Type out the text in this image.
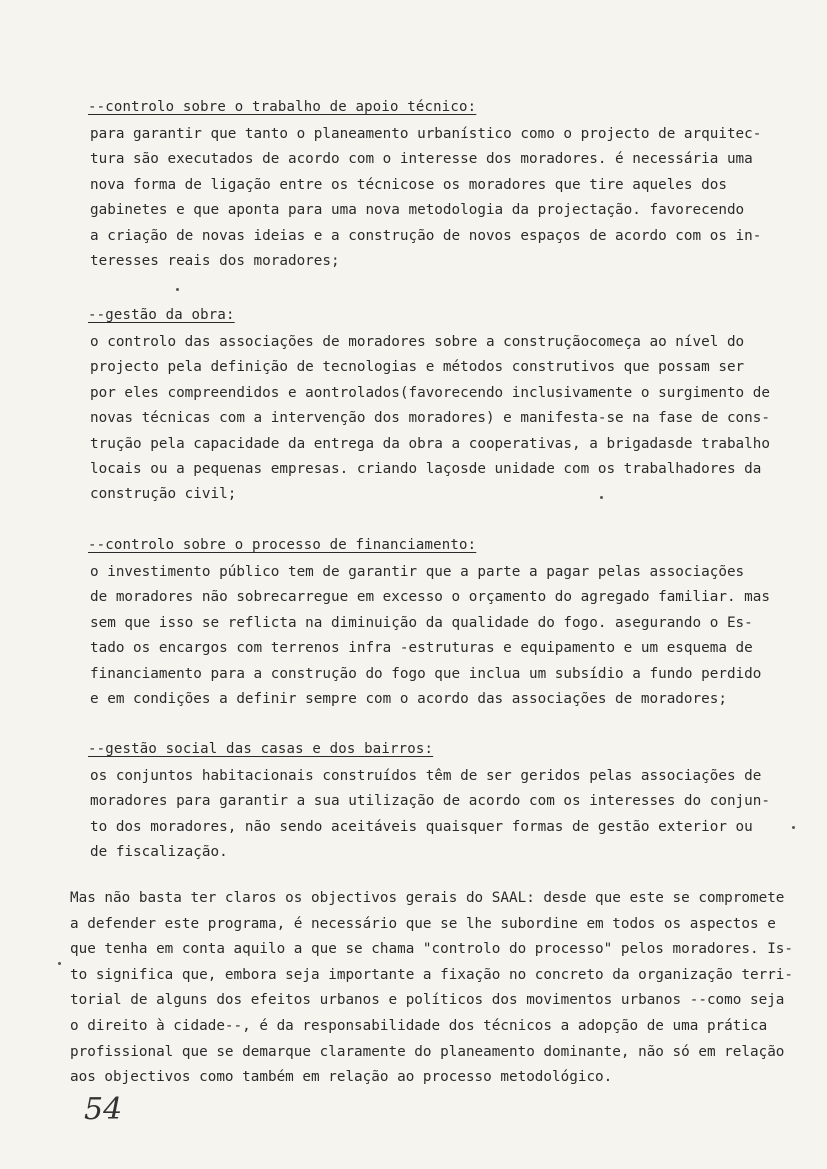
--controlo sobre o trabalho de apoio técnico:
para garantir que tanto o planeamento urbanístico como o projecto de arquitec-
tura são executados de acordo com o interesse dos moradores. é necessária uma
nova forma de ligação entre os técnicose os moradores que tire aqueles dos
gabinetes e que aponta para uma nova metodologia da projectação. favorecendo
a criação de novas ideias e a construção de novos espaços de acordo com os in-
teresses reais dos moradores;
--gestão da obra:
o controlo das associações de moradores sobre a construçãocomeça ao nível do
projecto pela definição de tecnologias e métodos construtivos que possam ser
por eles compreendidos e aontrolados(favorecendo inclusivamente o surgimento de
novas técnicas com a intervenção dos moradores) e manifesta-se na fase de cons-
trução pela capacidade da entrega da obra a cooperativas, a brigadasde trabalho
locais ou a pequenas empresas. criando laçosde unidade com os trabalhadores da
construção civil;
--controlo sobre o processo de financiamento:
o investimento público tem de garantir que a parte a pagar pelas associações
de moradores não sobrecarregue em excesso o orçamento do agregado familiar. mas
sem que isso se reflicta na diminuição da qualidade do fogo. asegurando o Es-
tado os encargos com terrenos infra -estruturas e equipamento e um esquema de
financiamento para a construção do fogo que inclua um subsídio a fundo perdido
e em condições a definir sempre com o acordo das associações de moradores;
--gestão social das casas e dos bairros:
os conjuntos habitacionais construídos têm de ser geridos pelas associações de
moradores para garantir a sua utilização de acordo com os interesses do conjun-
to dos moradores, não sendo aceitáveis quaisquer formas de gestão exterior ou
de fiscalização.
Mas não basta ter claros os objectivos gerais do SAAL: desde que este se compromete
a defender este programa, é necessário que se lhe subordine em todos os aspectos e
que tenha em conta aquilo a que se chama "controlo do processo" pelos moradores. Is-
to significa que, embora seja importante a fixação no concreto da organização terri-
torial de alguns dos efeitos urbanos e políticos dos movimentos urbanos --como seja
o direito à cidade--, é da responsabilidade dos técnicos a adopção de uma prática
profissional que se demarque claramente do planeamento dominante, não só em relação
aos objectivos como também em relação ao processo metodológico.
54
